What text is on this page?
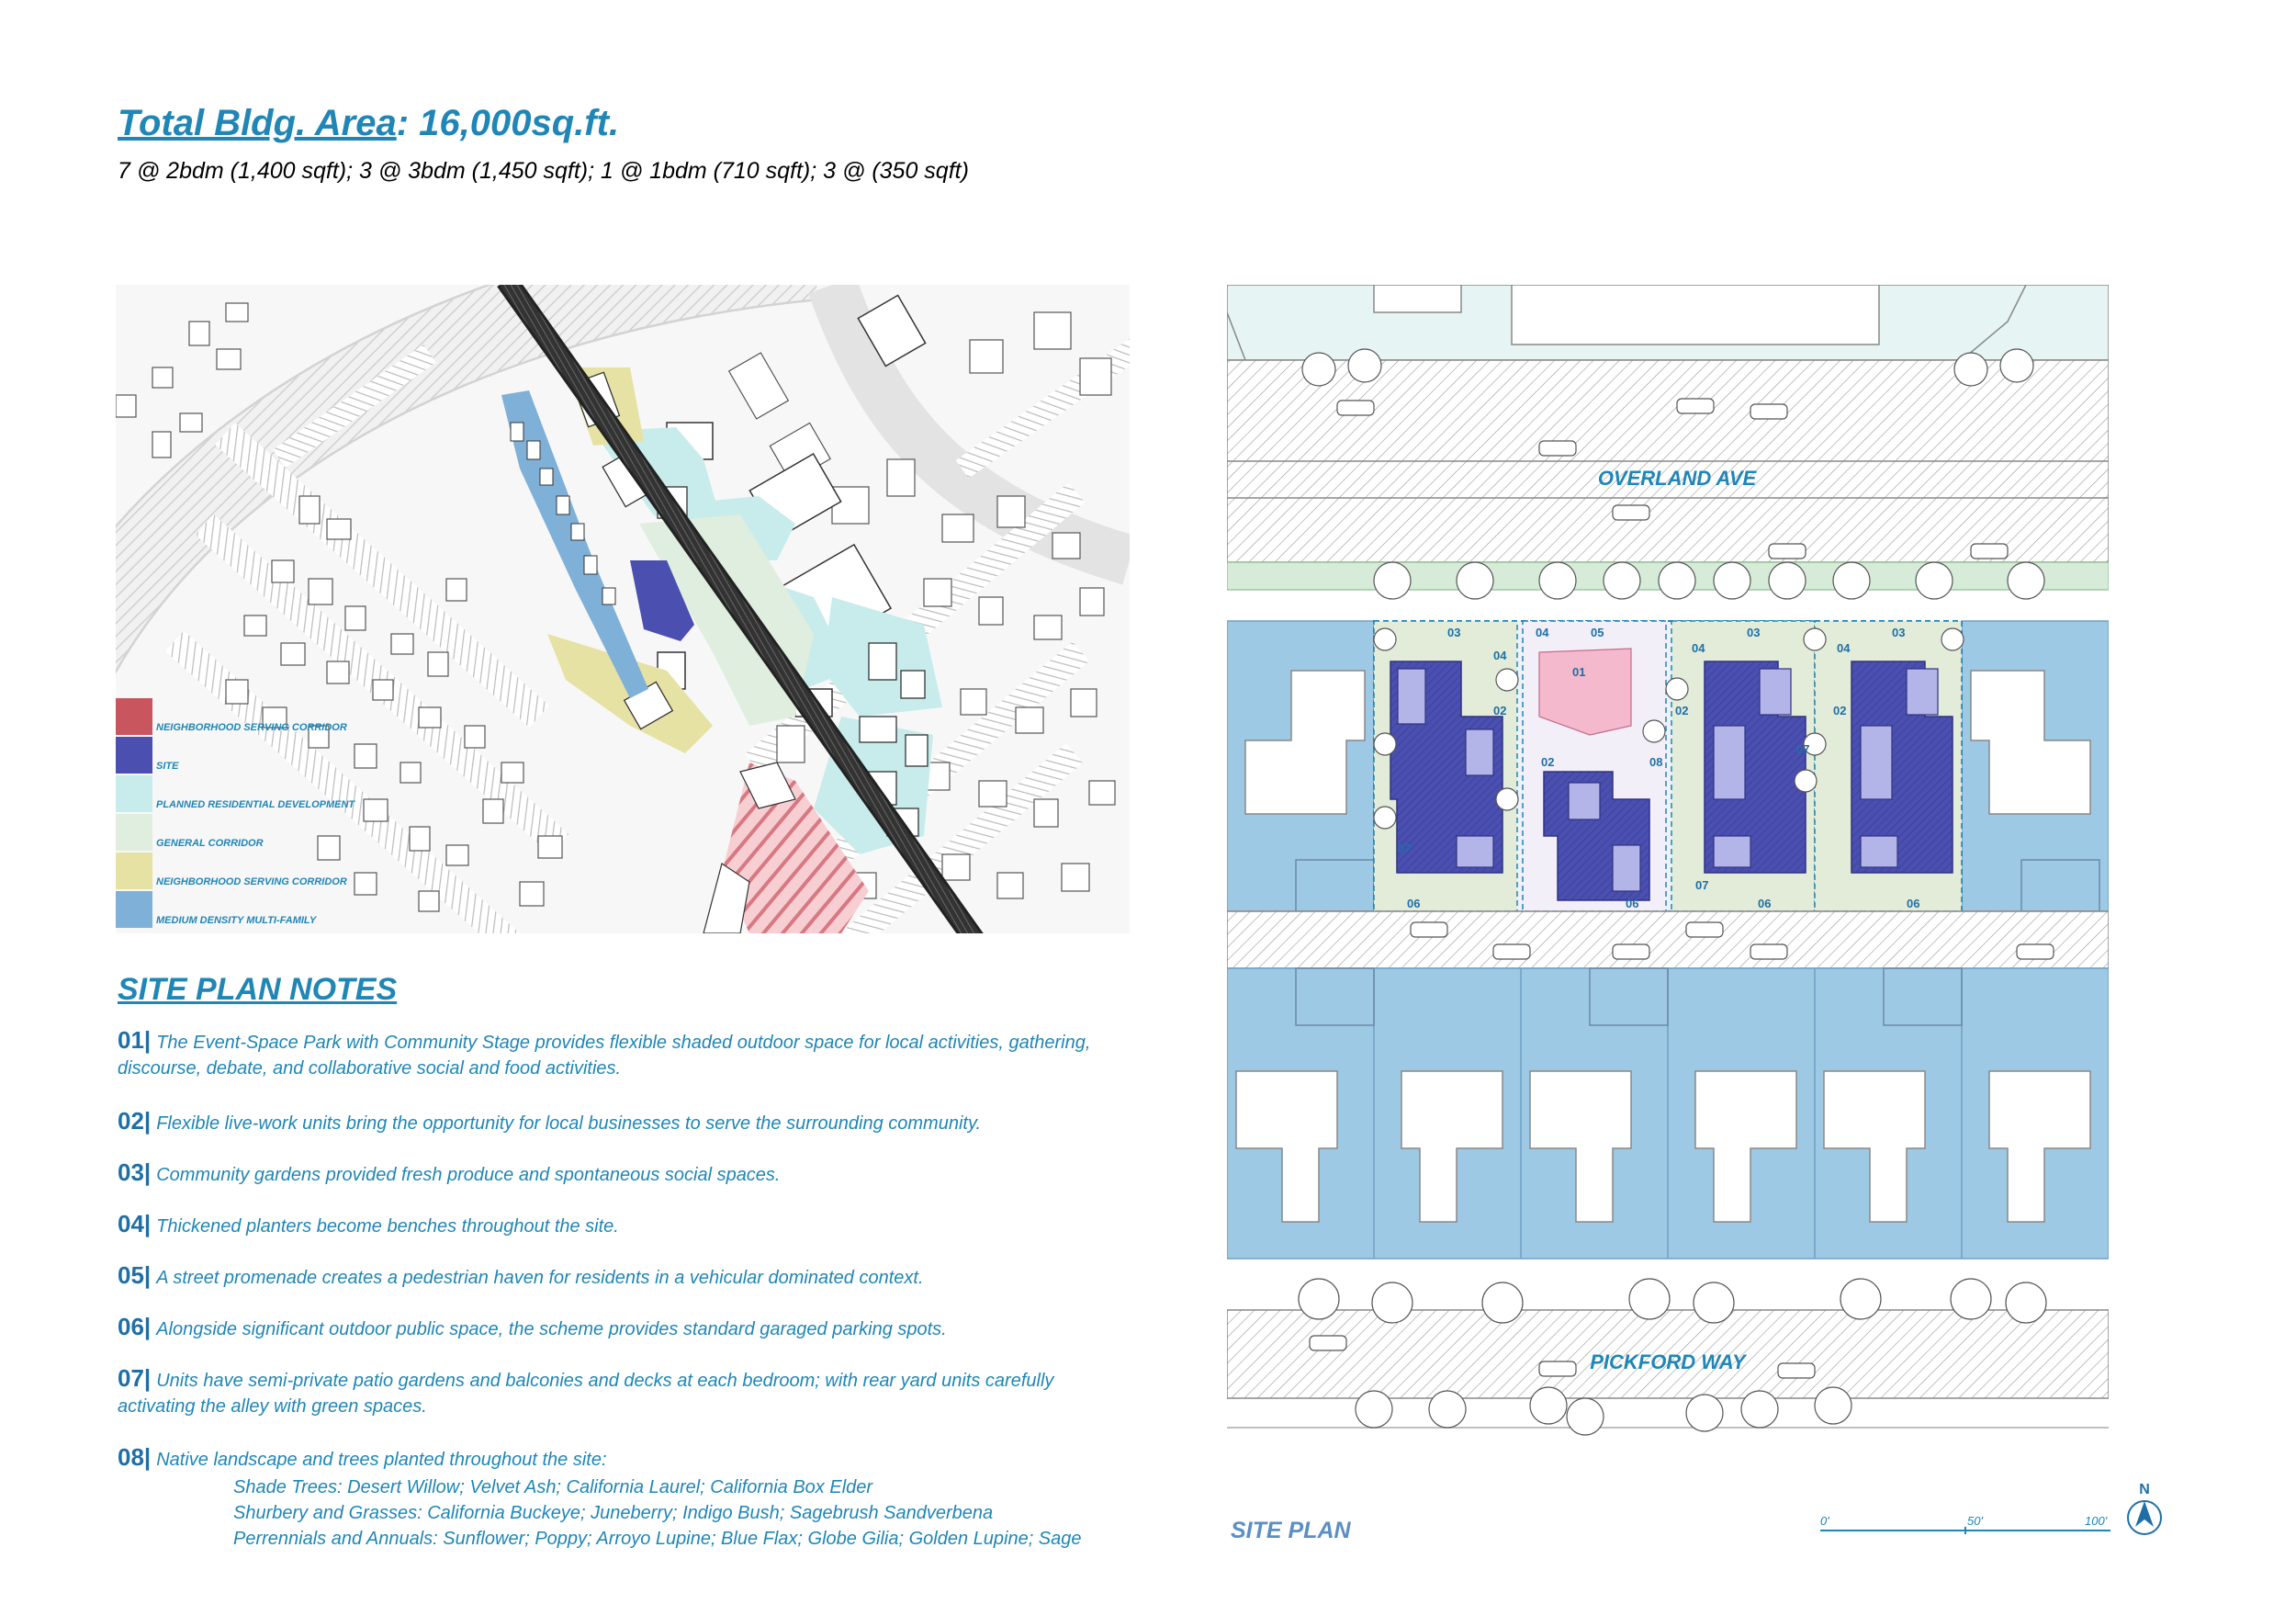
Total Bldg. Area: 16,000sq.ft.
7 @ 2bdm (1,400 sqft); 3 @ 3bdm (1,450 sqft); 1 @ 1bdm (710 sqft); 3 @ (350 sqft)
NEIGHBORHOOD SERVING CORRIDOR
SITE
PLANNED RESIDENTIAL DEVELOPMENT
GENERAL CORRIDOR
NEIGHBORHOOD SERVING CORRIDOR
MEDIUM DENSITY MULTI-FAMILY
SITE PLAN NOTES
01| The Event-Space Park with Community Stage provides flexible shaded outdoor space for local activities, gathering, discourse, debate, and collaborative social and food activities.
02| Flexible live-work units bring the opportunity for local businesses to serve the surrounding community.
03| Community gardens provided fresh produce and spontaneous social spaces.
04| Thickened planters become benches throughout the site.
05| A street promenade creates a pedestrian haven for residents in a vehicular dominated context.
06| Alongside significant outdoor public space, the scheme provides standard garaged parking spots.
07| Units have semi-private patio gardens and balconies and decks at each bedroom; with rear yard units carefully activating the alley with green spaces.
08| Native landscape and trees planted throughout the site:
Shade Trees: Desert Willow; Velvet Ash; California Laurel; California Box Elder
Shurbery and Grasses: California Buckeye; Juneberry; Indigo Bush; Sagebrush Sandverbena
Perrennials and Annuals: Sunflower; Poppy; Arroyo Lupine; Blue Flax; Globe Gilia; Golden Lupine; Sage
OVERLAND AVE
PICKFORD WAY
03
04
02
07
06
04	05
01
02	08
06
04
03
02
07
07
06
04
03
02
06
SITE PLAN	0'	50'	100'
N
